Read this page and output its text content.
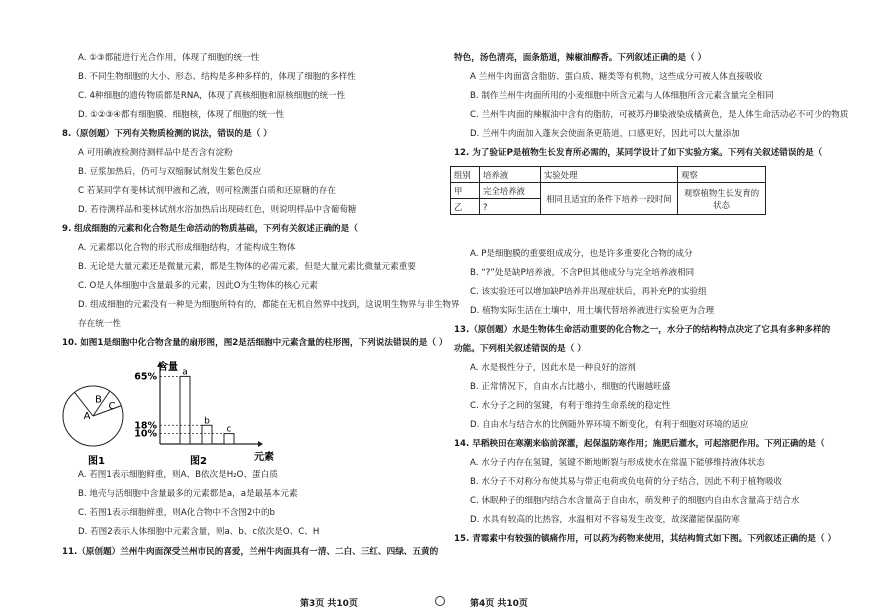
A. ①③都能进行光合作用，体现了细胞的统一性
B. 不同生物细胞的大小、形态、结构是多种多样的，体现了细胞的多样性
C. 4种细胞的遗传物质都是RNA，体现了真核细胞和原核细胞的统一性
D. ①②③④都有细胞膜、细胞核，体现了细胞的统一性
8.（原创题）下列有关物质检测的说法，错误的是（ ）
A 可用碘液检测待测样品中是否含有淀粉
B. 豆浆加热后，仍可与双缩脲试剂发生紫色反应
C 若某同学有斐林试剂甲液和乙液，则可检测蛋白质和还原糖的存在
D. 若待测样品和斐林试剂水浴加热后出现砖红色，则说明样品中含葡萄糖
9. 组成细胞的元素和化合物是生命活动的物质基础，下列有关叙述正确的是（
A. 元素都以化合物的形式形成细胞结构，才能构成生物体
B. 无论是大量元素还是微量元素，都是生物体的必需元素，但是大量元素比微量元素重要
C. O是人体细胞中含量最多的元素，因此O为生物体的核心元素
D. 组成细胞的元素没有一种是为细胞所特有的，都能在无机自然界中找到，这说明生物界与非生物界
存在统一性
10. 如图1是细胞中化合物含量的扇形图，图2是活细胞中元素含量的柱形图，下列说法错误的是（ ）
A. 若图1表示细胞鲜重，则A、B依次是H₂O、蛋白质
B. 地壳与活细胞中含量最多的元素都是a，a是最基本元素
C. 若图1表示细胞鲜重，则A化合物中不含图2中的b
D. 若图2表示人体细胞中元素含量，则a、b、c依次是O、C、H
11.（原创题）兰州牛肉面深受兰州市民的喜爱，兰州牛肉面具有一清、二白、三红、四绿、五黄的
A
B
C
图1
含量
元素
a
65%
b
18%	c
10%
图2
组别	培养液	实验处理	观察
甲	完全培养液	相同且适宜的条件下培养一段时间	观察植物生长发育的状态
乙	?		
特色，汤色清亮，面条筋道，辣椒油醇香。下列叙述正确的是（ ）
A 兰州牛肉面富含脂肪、蛋白质、糖类等有机物，这些成分可被人体直接吸收
B. 制作兰州牛肉面所用的小麦细胞中所含元素与人体细胞所含元素含量完全相同
C. 兰州牛肉面的辣椒油中含有的脂肪，可被苏丹Ⅲ染液染成橘黄色，是人体生命活动必不可少的物质
D. 兰州牛肉面加入蓬灰会使面条更筋道，口感更好，因此可以大量添加
12. 为了验证P是植物生长发育所必需的，某同学设计了如下实验方案。下列有关叙述错误的是（
A. P是细胞膜的重要组成成分，也是许多重要化合物的成分
B. “?”处是缺P培养液，不含P但其他成分与完全培养液相同
C. 该实验还可以增加缺P培养并出现症状后，再补充P的实验组
D. 植物实际生活在土壤中，用土壤代替培养液进行实验更为合理
13.（原创题）水是生物体生命活动重要的化合物之一，水分子的结构特点决定了它具有多种多样的
功能。下列相关叙述错误的是（ ）
A. 水是极性分子，因此水是一种良好的溶剂
B. 正常情况下，自由水占比越小，细胞的代谢越旺盛
C. 水分子之间的氢键，有利于维持生命系统的稳定性
D. 自由水与结合水的比例随外界环境不断变化，有利于细胞对环境的适应
14. 早稻秧田在寒潮来临前深灌，起保温防寒作用；施肥后灌水，可起溶肥作用。下列正确的是（
A. 水分子内存在氢键，氢键不断地断裂与形成使水在常温下能够维持液体状态
B. 水分子不对称分布使其易与带正电荷或负电荷的分子结合，因此不利于植物吸收
C. 休眠种子的细胞内结合水含量高于自由水，萌发种子的细胞内自由水含量高于结合水
D. 水具有较高的比热容，水温相对不容易发生改变，故深灌能保温防寒
15. 青霉素中有较强的镇痛作用，可以药为药物来使用，其结构简式如下图。下列叙述正确的是（ ）
第3页 共10页	第4页 共10页
